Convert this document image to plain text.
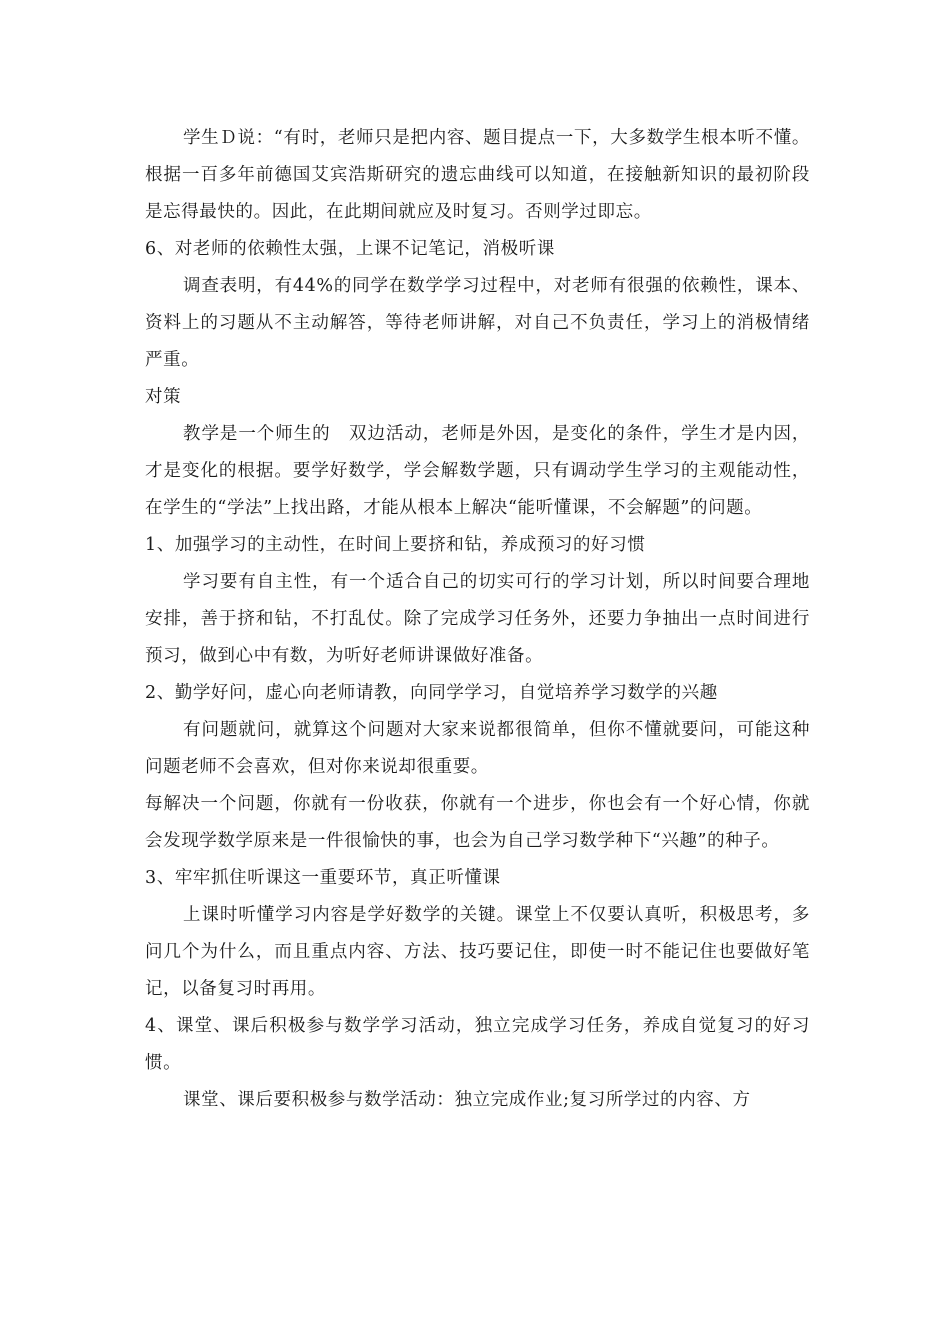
学生Ｄ说：“有时，老师只是把内容、题目提点一下，大多数学生根本听不懂。根据一百多年前德国艾宾浩斯研究的遗忘曲线可以知道，在接触新知识的最初阶段是忘得最快的。因此，在此期间就应及时复习。否则学过即忘。

6、对老师的依赖性太强，上课不记笔记，消极听课

调查表明，有44%的同学在数学学习过程中，对老师有很强的依赖性，课本、资料上的习题从不主动解答，等待老师讲解，对自己不负责任，学习上的消极情绪严重。

对策

教学是一个师生的　双边活动，老师是外因，是变化的条件，学生才是内因，才是变化的根据。要学好数学，学会解数学题，只有调动学生学习的主观能动性，在学生的“学法”上找出路，才能从根本上解决“能听懂课，不会解题”的问题。

1、加强学习的主动性，在时间上要挤和钻，养成预习的好习惯

学习要有自主性，有一个适合自己的切实可行的学习计划，所以时间要合理地安排，善于挤和钻，不打乱仗。除了完成学习任务外，还要力争抽出一点时间进行预习，做到心中有数，为听好老师讲课做好准备。

2、勤学好问，虚心向老师请教，向同学学习，自觉培养学习数学的兴趣

有问题就问，就算这个问题对大家来说都很简单，但你不懂就要问，可能这种问题老师不会喜欢，但对你来说却很重要。

每解决一个问题，你就有一份收获，你就有一个进步，你也会有一个好心情，你就会发现学数学原来是一件很愉快的事，也会为自己学习数学种下“兴趣”的种子。

3、牢牢抓住听课这一重要环节，真正听懂课

上课时听懂学习内容是学好数学的关键。课堂上不仅要认真听，积极思考，多问几个为什么，而且重点内容、方法、技巧要记住，即使一时不能记住也要做好笔记，以备复习时再用。

4、课堂、课后积极参与数学学习活动，独立完成学习任务，养成自觉复习的好习惯。

课堂、课后要积极参与数学活动：独立完成作业;复习所学过的内容、方
